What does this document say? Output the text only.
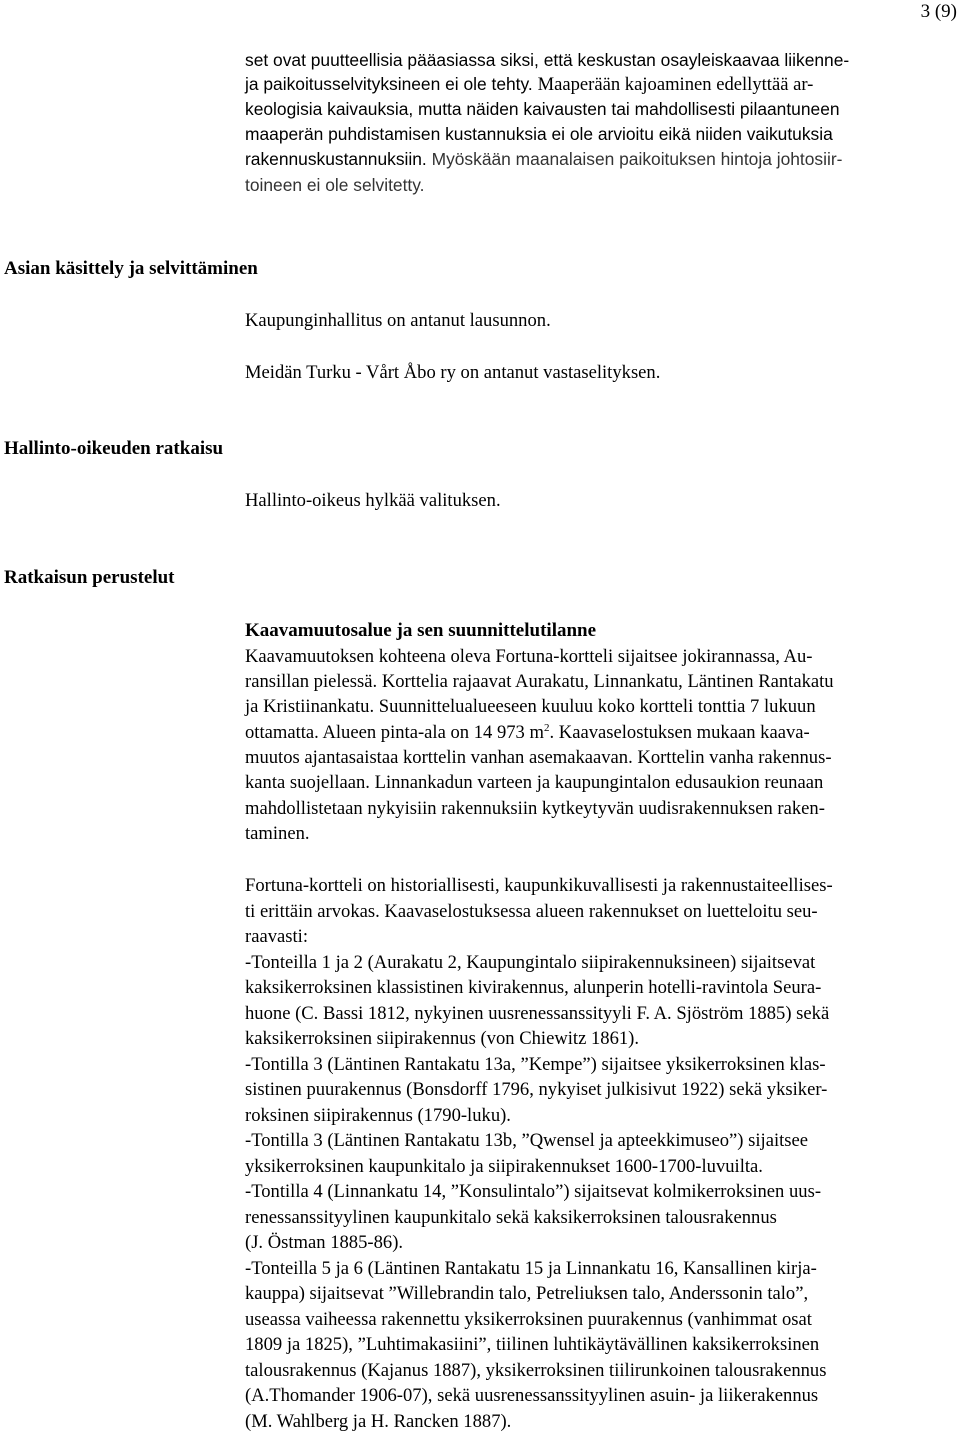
3 (9)
set ovat puutteellisia pääasiassa siksi, että keskustan osayleiskaavaa liikenne-
ja paikoitusselvityksineen ei ole tehty. Maaperään kajoaminen edellyttää ar-
keologisia kaivauksia, mutta näiden kaivausten tai mahdollisesti pilaantuneen
maaperän puhdistamisen kustannuksia ei ole arvioitu eikä niiden vaikutuksia
rakennuskustannuksiin. Myöskään maanalaisen paikoituksen hintoja johtosiir-
toineen ei ole selvitetty.
Asian käsittely ja selvittäminen
Kaupunginhallitus on antanut lausunnon.
Meidän Turku - Vårt Åbo ry on antanut vastaselityksen.
Hallinto-oikeuden ratkaisu
Hallinto-oikeus hylkää valituksen.
Ratkaisun perustelut
Kaavamuutosalue ja sen suunnittelutilanne
Kaavamuutoksen kohteena oleva Fortuna-kortteli sijaitsee jokirannassa, Au-
ransillan pielessä. Korttelia rajaavat Aurakatu, Linnankatu, Läntinen Rantakatu
ja Kristiinankatu. Suunnittelualueeseen kuuluu koko kortteli tonttia 7 lukuun
ottamatta. Alueen pinta-ala on 14 973 $m^2$. Kaavaselostuksen mukaan kaava-
muutos ajantasaistaa korttelin vanhan asemakaavan. Korttelin vanha rakennus-
kanta suojellaan. Linnankadun varteen ja kaupungintalon edusaukion reunaan
mahdollistetaan nykyisiin rakennuksiin kytkeytyvän uudisrakennuksen raken-
taminen.
Fortuna-kortteli on historiallisesti, kaupunkikuvallisesti ja rakennustaiteellises-
ti erittäin arvokas. Kaavaselostuksessa alueen rakennukset on luetteloitu seu-
raavasti:
-Tonteilla 1 ja 2 (Aurakatu 2, Kaupungintalo siipirakennuksineen) sijaitsevat
kaksikerroksinen klassistinen kivirakennus, alunperin hotelli-ravintola Seura-
huone (C. Bassi 1812, nykyinen uusrenessanssityyli F. A. Sjöström 1885) sekä
kaksikerroksinen siipirakennus (von Chiewitz 1861).
-Tontilla 3 (Läntinen Rantakatu 13a, ”Kempe”) sijaitsee yksikerroksinen klas-
sistinen puurakennus (Bonsdorff 1796, nykyiset julkisivut 1922) sekä yksiker-
roksinen siipirakennus (1790-luku).
-Tontilla 3 (Läntinen Rantakatu 13b, ”Qwensel ja apteekkimuseo”) sijaitsee
yksikerroksinen kaupunkitalo ja siipirakennukset 1600-1700-luvuilta.
-Tontilla 4 (Linnankatu 14, ”Konsulintalo”) sijaitsevat kolmikerroksinen uus-
renessanssityylinen kaupunkitalo sekä kaksikerroksinen talousrakennus
(J. Östman 1885-86).
-Tonteilla 5 ja 6 (Läntinen Rantakatu 15 ja Linnankatu 16, Kansallinen kirja-
kauppa) sijaitsevat ”Willebrandin talo, Petreliuksen talo, Anderssonin talo”,
useassa vaiheessa rakennettu yksikerroksinen puurakennus (vanhimmat osat
1809 ja 1825), ”Luhtimakasiini”, tiilinen luhtikäytävällinen kaksikerroksinen
talousrakennus (Kajanus 1887), yksikerroksinen tiilirunkoinen talousrakennus
(A.Thomander 1906-07), sekä uusrenessanssityylinen asuin- ja liikerakennus
(M. Wahlberg ja H. Rancken 1887).
